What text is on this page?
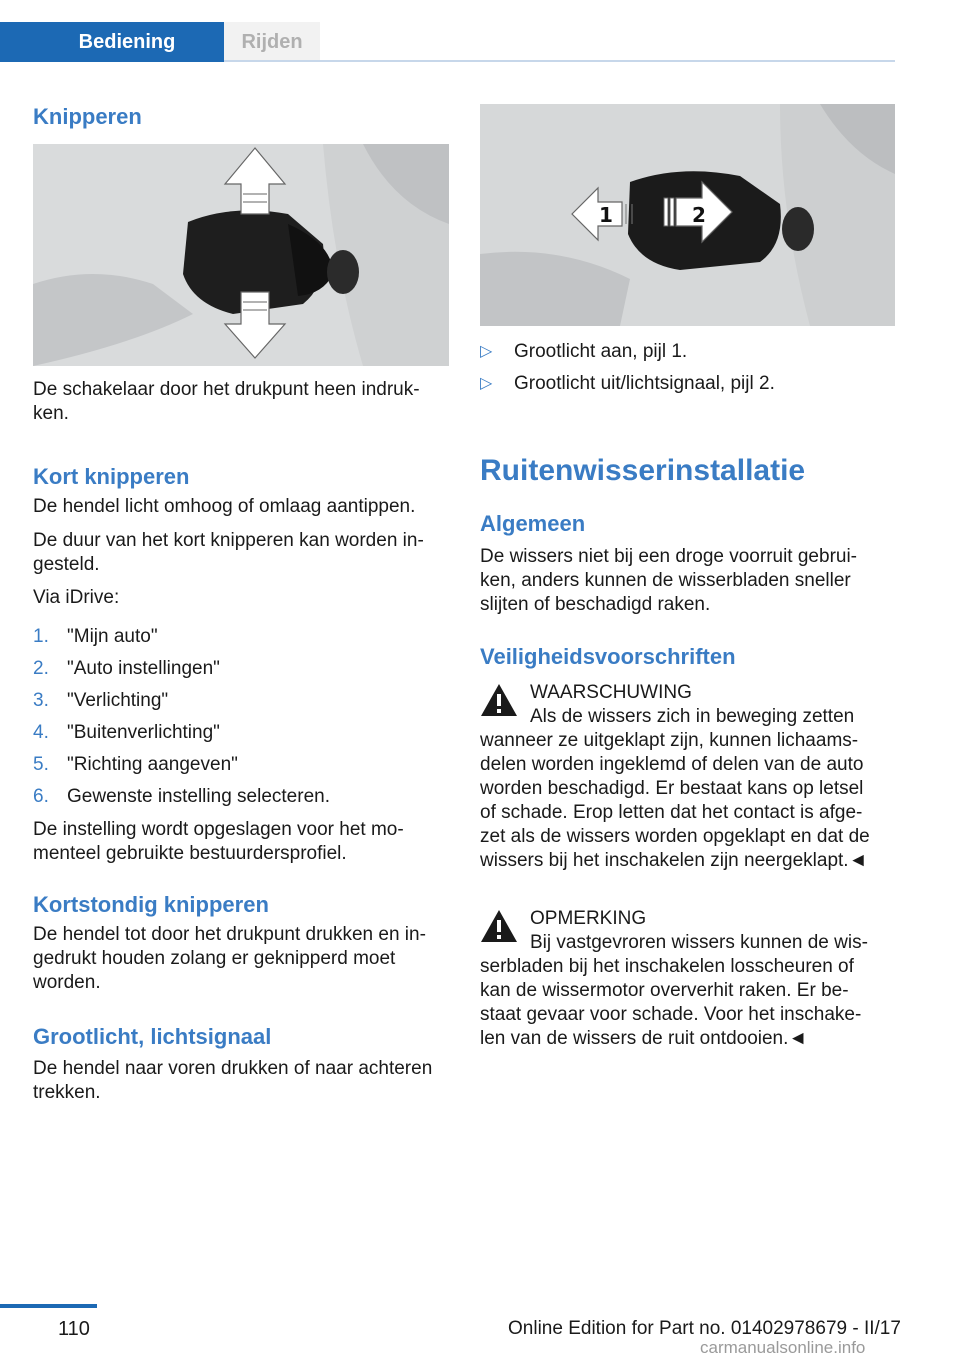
Bediening	Rijden
Knipperen
De schakelaar door het drukpunt heen indruk-
ken.
Kort knipperen
De hendel licht omhoog of omlaag aantippen.
De duur van het kort knipperen kan worden in-
gesteld.
Via iDrive:
1. "Mijn auto"
2. "Auto instellingen"
3. "Verlichting"
4. "Buitenverlichting"
5. "Richting aangeven"
6. Gewenste instelling selecteren.
De instelling wordt opgeslagen voor het mo-
menteel gebruikte bestuurdersprofiel.
Kortstondig knipperen
De hendel tot door het drukpunt drukken en in-
gedrukt houden zolang er geknipperd moet
worden.
Grootlicht, lichtsignaal
De hendel naar voren drukken of naar achteren
trekken.
1	2
▷ Grootlicht aan, pijl 1.
▷ Grootlicht uit/lichtsignaal, pijl 2.
Ruitenwisserinstallatie
Algemeen
De wissers niet bij een droge voorruit gebrui-
ken, anders kunnen de wisserbladen sneller
slijten of beschadigd raken.
Veiligheidsvoorschriften
WAARSCHUWING
Als de wissers zich in beweging zetten
wanneer ze uitgeklapt zijn, kunnen lichaams-
delen worden ingeklemd of delen van de auto
worden beschadigd. Er bestaat kans op letsel
of schade. Erop letten dat het contact is afge-
zet als de wissers worden opgeklapt en dat de
wissers bij het inschakelen zijn neergeklapt.◄
OPMERKING
Bij vastgevroren wissers kunnen de wis-
serbladen bij het inschakelen losscheuren of
kan de wissermotor oververhit raken. Er be-
staat gevaar voor schade. Voor het inschake-
len van de wissers de ruit ontdooien.◄
110	Online Edition for Part no. 01402978679 - II/17
carmanualsonline.info
